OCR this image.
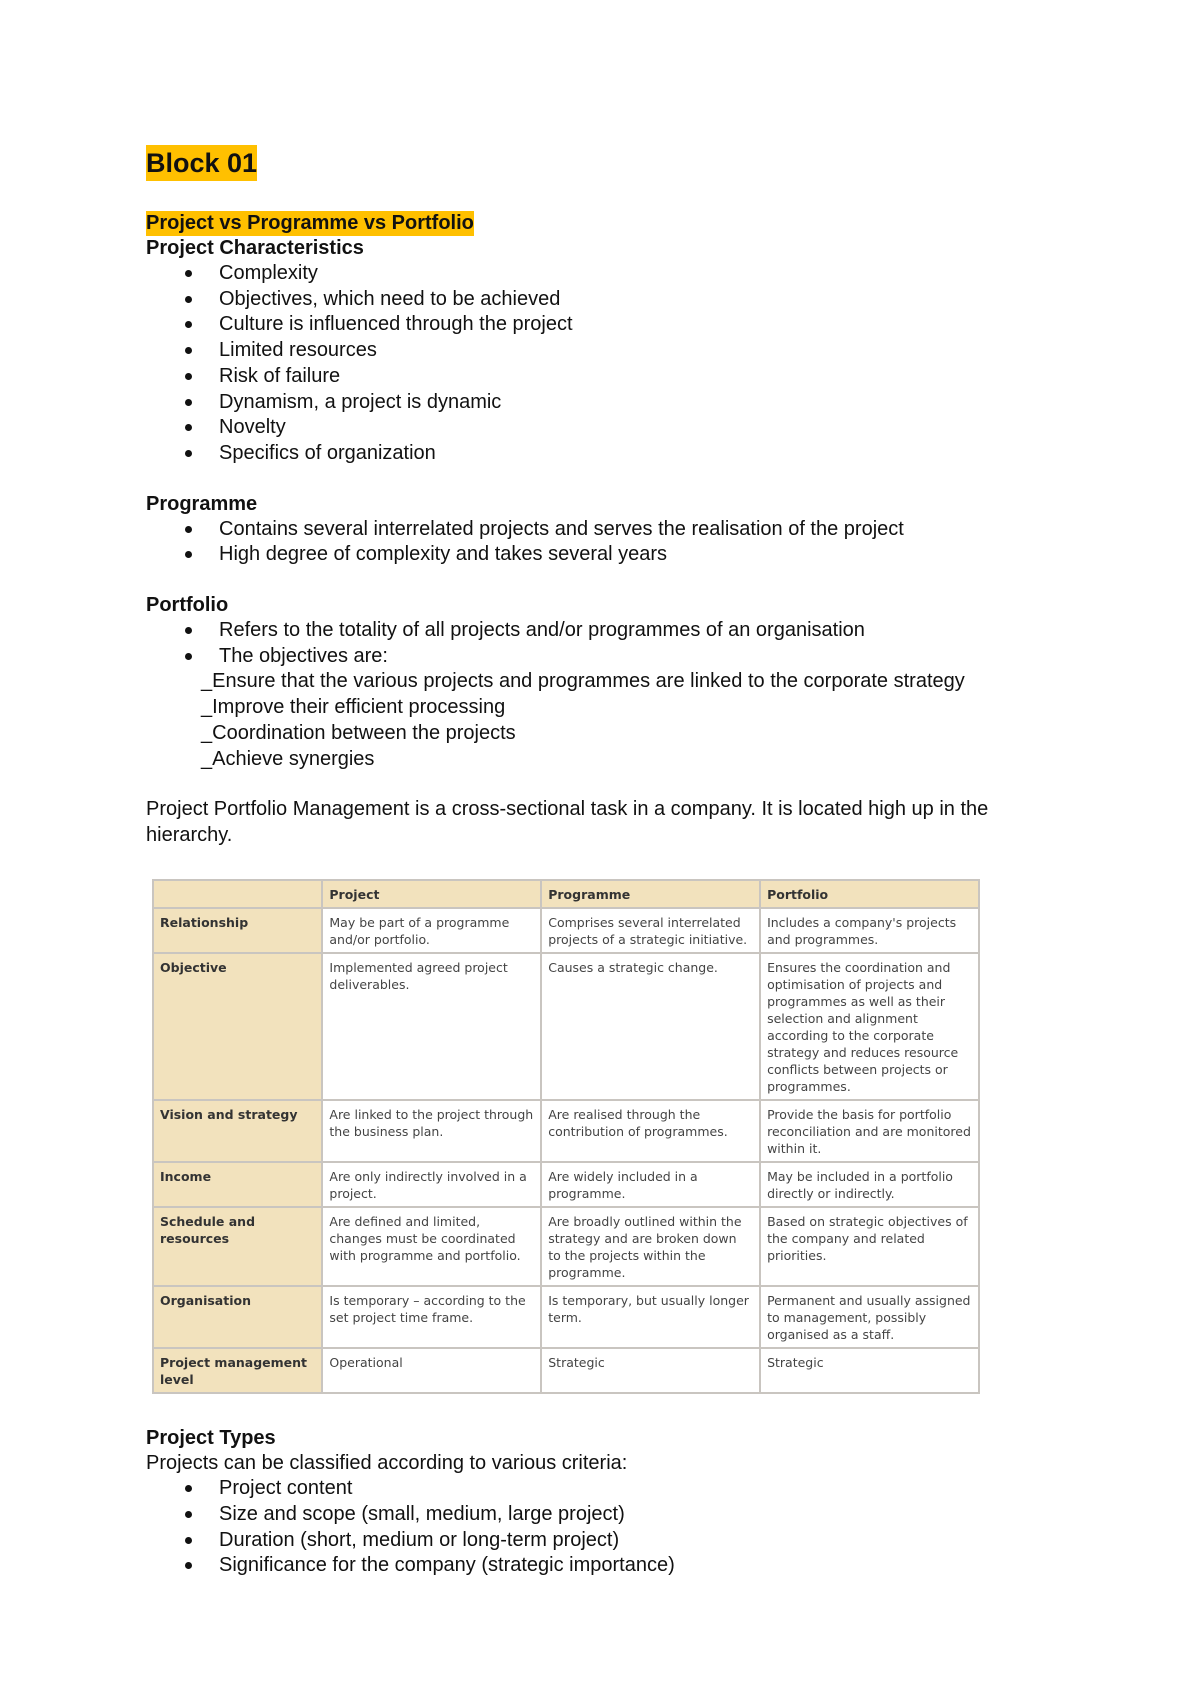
Block 01
Project vs Programme vs Portfolio
Project Characteristics
Complexity
Objectives, which need to be achieved
Culture is influenced through the project
Limited resources
Risk of failure
Dynamism, a project is dynamic
Novelty
Specifics of organization
Programme
Contains several interrelated projects and serves the realisation of the project
High degree of complexity and takes several years
Portfolio
Refers to the totality of all projects and/or programmes of an organisation
The objectives are:
_Ensure that the various projects and programmes are linked to the corporate strategy
_Improve their efficient processing
_Coordination between the projects
_Achieve synergies

Project Portfolio Management is a cross-sectional task in a company. It is located high up in the hierarchy.

	Project	Programme	Portfolio
Relationship	May be part of a programme and/or portfolio.	Comprises several interrelated projects of a strategic initiative.	Includes a company's projects and programmes.
Objective	Implemented agreed project deliverables.	Causes a strategic change.	Ensures the coordination and optimisation of projects and programmes as well as their selection and alignment according to the corporate strategy and reduces resource conflicts between projects or programmes.
Vision and strategy	Are linked to the project through the business plan.	Are realised through the contribution of programmes.	Provide the basis for portfolio reconciliation and are monitored within it.
Income	Are only indirectly involved in a project.	Are widely included in a programme.	May be included in a portfolio directly or indirectly.
Schedule and resources	Are defined and limited, changes must be coordinated with programme and portfolio.	Are broadly outlined within the strategy and are broken down to the projects within the programme.	Based on strategic objectives of the company and related priorities.
Organisation	Is temporary – according to the set project time frame.	Is temporary, but usually longer term.	Permanent and usually assigned to management, possibly organised as a staff.
Project management level	Operational	Strategic	Strategic
Project Types

Projects can be classified according to various criteria:

Project content
Size and scope (small, medium, large project)
Duration (short, medium or long-term project)
Significance for the company (strategic importance)
